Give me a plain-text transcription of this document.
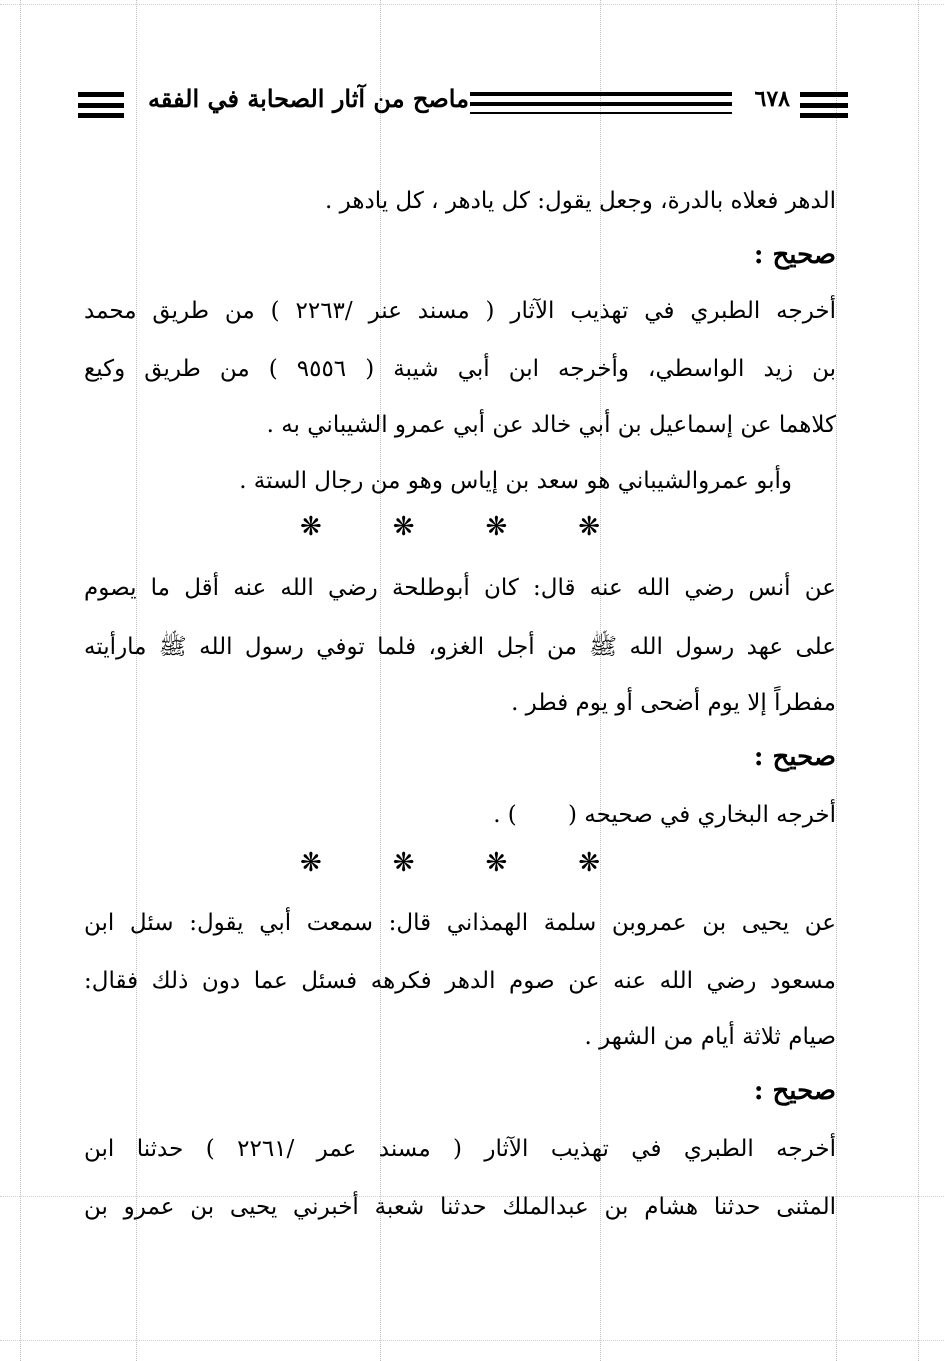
ماصح من آثار الصحابة في الفقه	٦٧٨
الدهر فعلاه بالدرة، وجعل يقول: كل يادهر ، كل يادهر .
صحيح :
أخرجه الطبري في تهذيب الآثار ( مسند عنر /٢٢٦٣ ) من طريق محمد
بن زيد الواسطي، وأخرجه ابن أبي شيبة ( ٩٥٥٦ ) من طريق وكيع
كلاهما عن إسماعيل بن أبي خالد عن أبي عمرو الشيباني به .
وأبو عمروالشيباني هو سعد بن إياس وهو من رجال الستة .
❋	❋	❋	❋
عن أنس رضي الله عنه قال: كان أبوطلحة رضي الله عنه أقل ما يصوم
على عهد رسول الله ﷺ من أجل الغزو، فلما توفي رسول الله ﷺ مارأيته
مفطراً إلا يوم أضحى أو يوم فطر .
صحيح :
أخرجه البخاري في صحيحه (       ) .
❋	❋	❋	❋
عن يحيى بن عمروبن سلمة الهمذاني قال: سمعت أبي يقول: سئل ابن
مسعود رضي الله عنه عن صوم الدهر فكرهه فسئل عما دون ذلك فقال:
صيام ثلاثة أيام من الشهر .
صحيح :
أخرجه الطبري في تهذيب الآثار ( مسند عمر /٢٢٦١ ) حدثنا ابن
المثنى حدثنا هشام بن عبدالملك حدثنا شعبة أخبرني يحيى بن عمرو بن
